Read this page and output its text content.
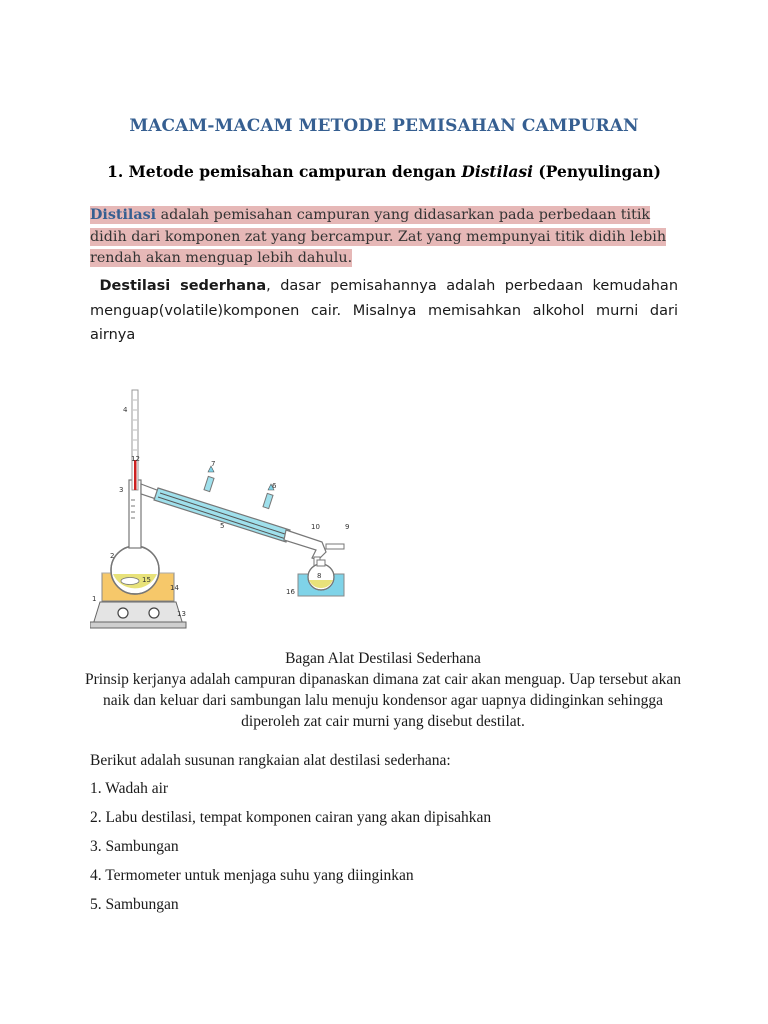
MACAM-MACAM METODE PEMISAHAN CAMPURAN
1. Metode pemisahan campuran dengan Distilasi (Penyulingan)
Distilasi adalah pemisahan campuran yang didasarkan pada perbedaan titik
didih dari komponen zat yang bercampur. Zat yang mempunyai titik didih lebih
rendah akan menguap lebih dahulu.
Destilasi sederhana, dasar pemisahannya adalah perbedaan kemudahan menguap(volatile)komponen cair. Misalnya memisahkan alkohol murni dari airnya
1
2
3
4
5
6
7
8
9
10
12
13
14
15
16
Bagan Alat Destilasi Sederhana
Prinsip kerjanya adalah campuran dipanaskan dimana zat cair akan menguap. Uap tersebut akan naik dan keluar dari sambungan lalu menuju kondensor agar uapnya didinginkan sehingga diperoleh zat cair murni yang disebut destilat.
Berikut adalah susunan rangkaian alat destilasi sederhana:
1. Wadah air
2. Labu destilasi, tempat komponen cairan yang akan dipisahkan
3. Sambungan
4. Termometer untuk menjaga suhu yang diinginkan
5. Sambungan
